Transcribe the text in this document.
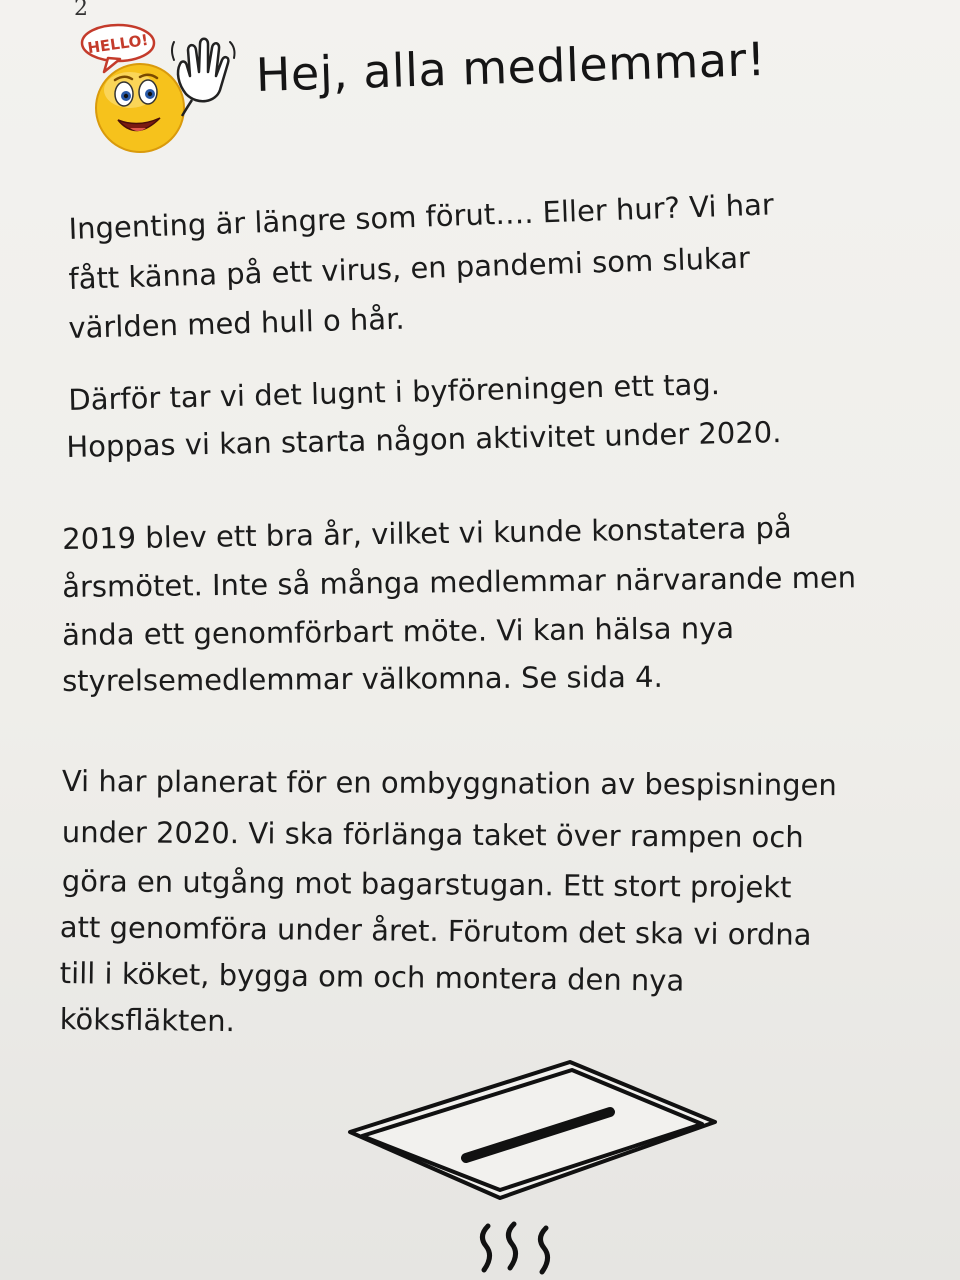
2
HELLO! Hej, alla medlemmar!
Ingenting är längre som förut…. Eller hur? Vi har
fått känna på ett virus, en pandemi som slukar
världen med hull o hår.
Därför tar vi det lugnt i byföreningen ett tag.
Hoppas vi kan starta någon aktivitet under 2020.
2019 blev ett bra år, vilket vi kunde konstatera på
årsmötet. Inte så många medlemmar närvarande men
ända ett genomförbart möte. Vi kan hälsa nya
styrelsemedlemmar välkomna. Se sida 4.
Vi har planerat för en ombyggnation av bespisningen
under 2020. Vi ska förlänga taket över rampen och
göra en utgång mot bagarstugan. Ett stort projekt
att genomföra under året. Förutom det ska vi ordna
till i köket, bygga om och montera den nya
köksfläkten.
